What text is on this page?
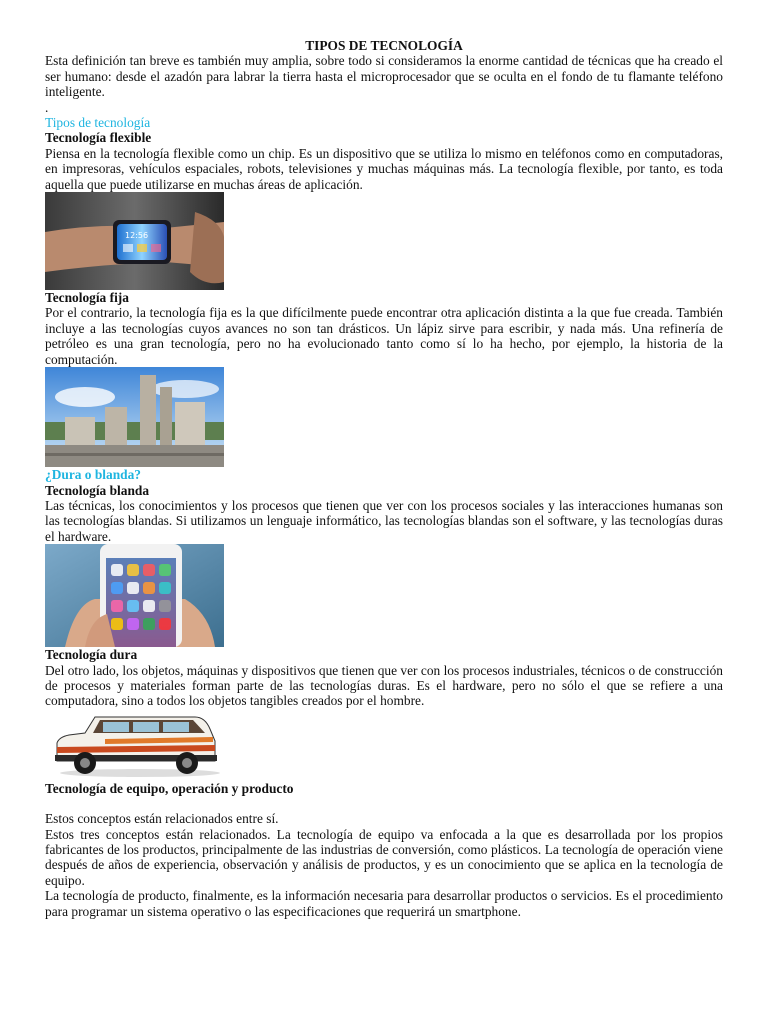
TIPOS DE TECNOLOGÍA

Esta definición tan breve es también muy amplia, sobre todo si consideramos la enorme cantidad de técnicas que ha creado el ser humano: desde el azadón para labrar la tierra hasta el microprocesador que se oculta en el fondo de tu flamante teléfono inteligente.

.

Tipos de tecnología

Tecnología flexible

Piensa en la tecnología flexible como un chip. Es un dispositivo que se utiliza lo mismo en teléfonos como en computadoras, en impresoras, vehículos espaciales, robots, televisiones y muchas máquinas más. La tecnología flexible, por tanto, es toda aquella que puede utilizarse en muchas áreas de aplicación.

12:56

Tecnología fija

Por el contrario, la tecnología fija es la que difícilmente puede encontrar otra aplicación distinta a la que fue creada. También incluye a las tecnologías cuyos avances no son tan drásticos. Un lápiz sirve para escribir, y nada más. Una refinería de petróleo es una gran tecnología, pero no ha evolucionado tanto como sí lo ha hecho, por ejemplo, la historia de la computación.

¿Dura o blanda?

Tecnología blanda

Las técnicas, los conocimientos y los procesos que tienen que ver con los procesos sociales y las interacciones humanas son las tecnologías blandas. Si utilizamos un lenguaje informático, las tecnologías blandas son el software, y las tecnologías duras el hardware.

Tecnología dura

Del otro lado, los objetos, máquinas y dispositivos que tienen que ver con los procesos industriales, técnicos o de construcción de procesos y materiales forman parte de las tecnologías duras. Es el hardware, pero no sólo el que se refiere a una computadora, sino a todos los objetos tangibles creados por el hombre.

Tecnología de equipo, operación y producto

Estos conceptos están relacionados entre sí.

Estos tres conceptos están relacionados. La tecnología de equipo va enfocada a la que es desarrollada por los propios fabricantes de los productos, principalmente de las industrias de conversión, como plásticos. La tecnología de operación viene después de años de experiencia, observación y análisis de productos, y es un conocimiento que se aplica en la tecnología de equipo.

La tecnología de producto, finalmente, es la información necesaria para desarrollar productos o servicios. Es el procedimiento para programar un sistema operativo o las especificaciones que requerirá un smartphone.
